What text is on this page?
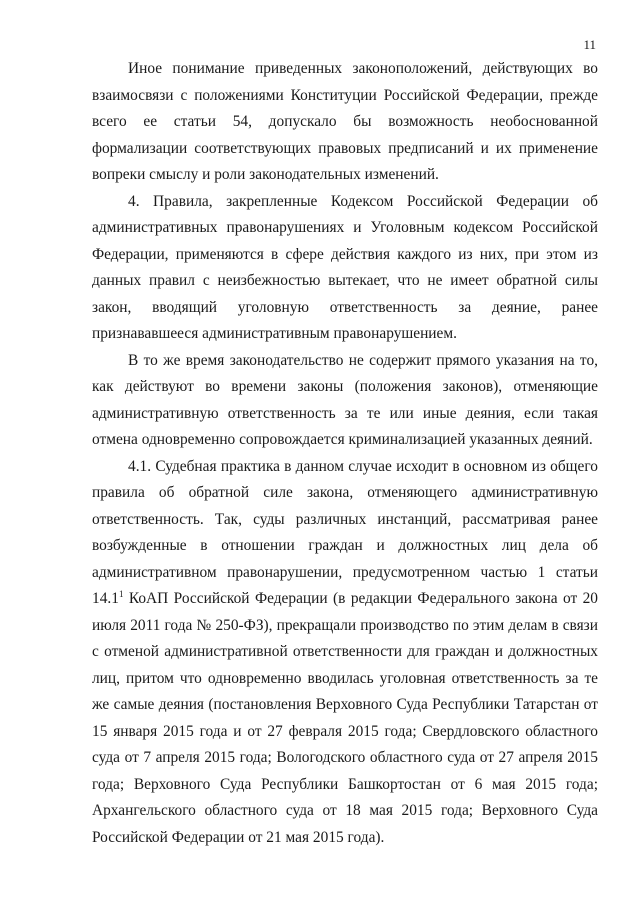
11

Иное понимание приведенных законоположений, действующих во взаимосвязи с положениями Конституции Российской Федерации, прежде всего ее статьи 54, допускало бы возможность необоснованной формализации соответствующих правовых предписаний и их применение вопреки смыслу и роли законодательных изменений.

4. Правила, закрепленные Кодексом Российской Федерации об административных правонарушениях и Уголовным кодексом Российской Федерации, применяются в сфере действия каждого из них, при этом из данных правил с неизбежностью вытекает, что не имеет обратной силы закон, вводящий уголовную ответственность за деяние, ранее признававшееся административным правонарушением.

В то же время законодательство не содержит прямого указания на то, как действуют во времени законы (положения законов), отменяющие административную ответственность за те или иные деяния, если такая отмена одновременно сопровождается криминализацией указанных деяний.

4.1. Судебная практика в данном случае исходит в основном из общего правила об обратной силе закона, отменяющего административную ответственность. Так, суды различных инстанций, рассматривая ранее возбужденные в отношении граждан и должностных лиц дела об административном правонарушении, предусмотренном частью 1 статьи 14.1$^1$ КоАП Российской Федерации (в редакции Федерального закона от 20 июля 2011 года № 250-ФЗ), прекращали производство по этим делам в связи с отменой административной ответственности для граждан и должностных лиц, притом что одновременно вводилась уголовная ответственность за те же самые деяния (постановления Верховного Суда Республики Татарстан от 15 января 2015 года и от 27 февраля 2015 года; Свердловского областного суда от 7 апреля 2015 года; Вологодского областного суда от 27 апреля 2015 года; Верховного Суда Республики Башкортостан от 6 мая 2015 года; Архангельского областного суда от 18 мая 2015 года; Верховного Суда Российской Федерации от 21 мая 2015 года).
